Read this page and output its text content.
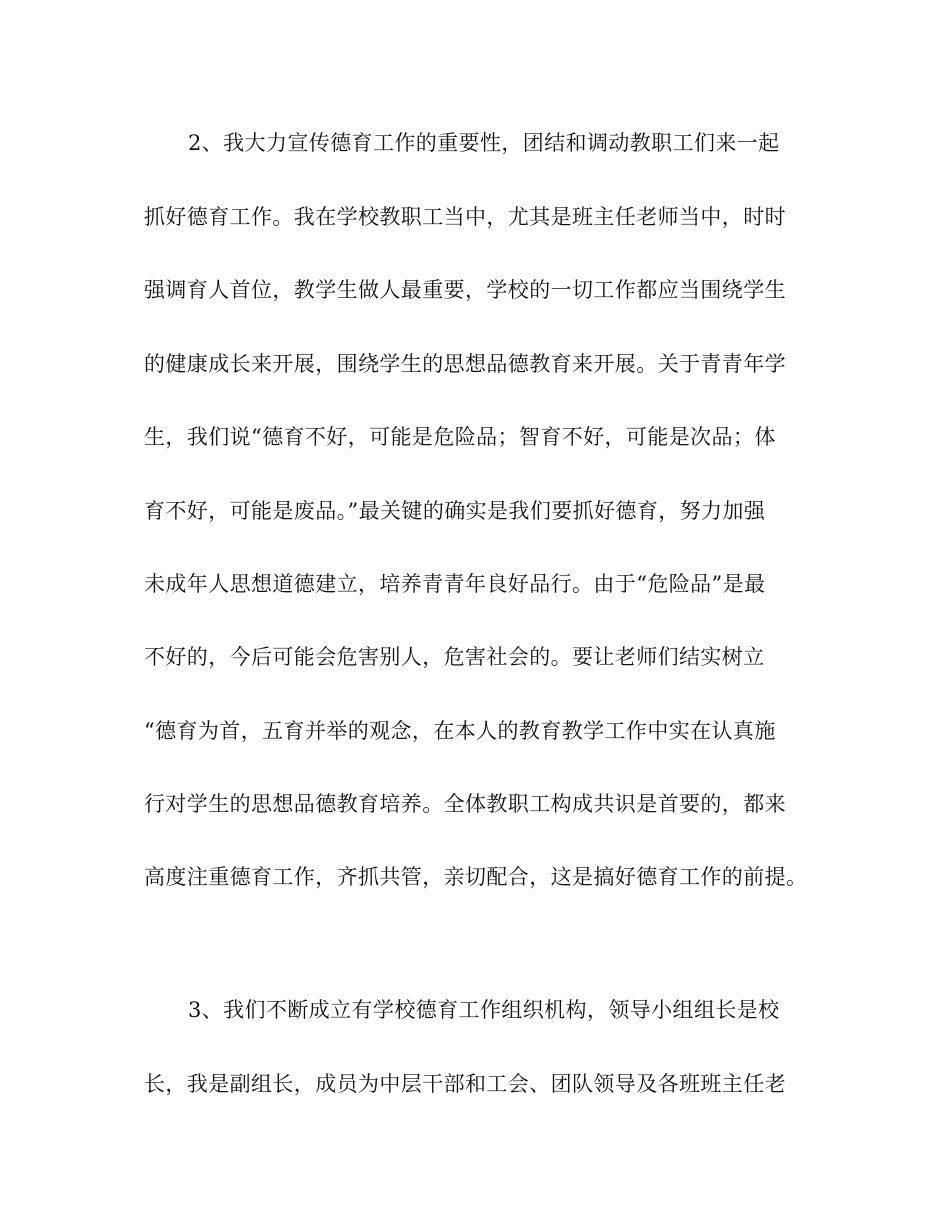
2、我大力宣传德育工作的重要性，团结和调动教职工们来一起
抓好德育工作。我在学校教职工当中，尤其是班主任老师当中，时时
强调育人首位，教学生做人最重要，学校的一切工作都应当围绕学生
的健康成长来开展，围绕学生的思想品德教育来开展。关于青青年学
生，我们说“德育不好，可能是危险品；智育不好，可能是次品；体
育不好，可能是废品。”最关键的确实是我们要抓好德育，努力加强
未成年人思想道德建立，培养青青年良好品行。由于“危险品”是最
不好的，今后可能会危害别人，危害社会的。要让老师们结实树立
“德育为首，五育并举的观念，在本人的教育教学工作中实在认真施
行对学生的思想品德教育培养。全体教职工构成共识是首要的，都来
高度注重德育工作，齐抓共管，亲切配合，这是搞好德育工作的前提。
3、我们不断成立有学校德育工作组织机构，领导小组组长是校
长，我是副组长，成员为中层干部和工会、团队领导及各班班主任老
